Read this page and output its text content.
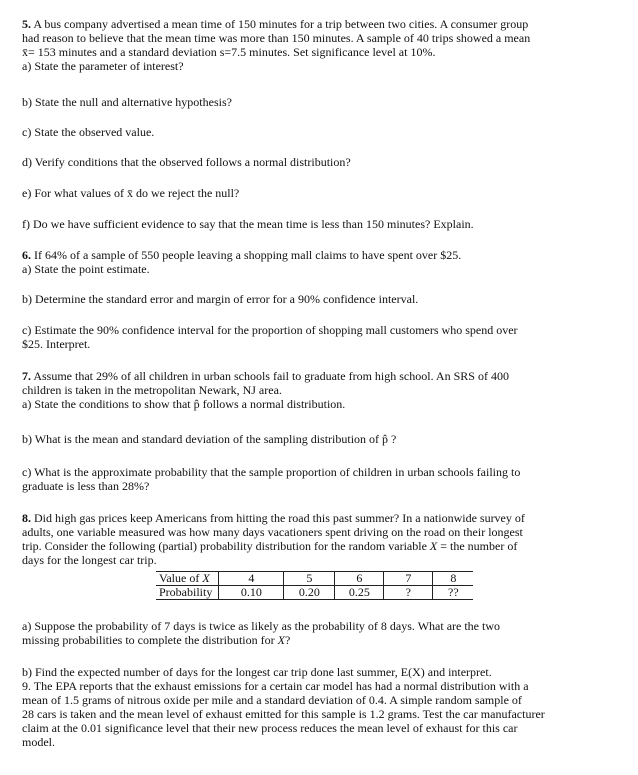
5. A bus company advertised a mean time of 150 minutes for a trip between two cities. A consumer group
had reason to believe that the mean time was more than 150 minutes. A sample of 40 trips showed a mean
x̄= 153 minutes and a standard deviation s=7.5 minutes. Set significance level at 10%.
a) State the parameter of interest?
b) State the null and alternative hypothesis?
c) State the observed value.
d) Verify conditions that the observed follows a normal distribution?
e) For what values of x̄ do we reject the null?
f) Do we have sufficient evidence to say that the mean time is less than 150 minutes? Explain.
6. If 64% of a sample of 550 people leaving a shopping mall claims to have spent over $25.
a) State the point estimate.
b) Determine the standard error and margin of error for a 90% confidence interval.
c) Estimate the 90% confidence interval for the proportion of shopping mall customers who spend over
$25. Interpret.
7. Assume that 29% of all children in urban schools fail to graduate from high school. An SRS of 400
children is taken in the metropolitan Newark, NJ area.
a) State the conditions to show that p̂ follows a normal distribution.
b) What is the mean and standard deviation of the sampling distribution of p̂ ?
c) What is the approximate probability that the sample proportion of children in urban schools failing to
graduate is less than 28%?
8. Did high gas prices keep Americans from hitting the road this past summer? In a nationwide survey of
adults, one variable measured was how many days vacationers spent driving on the road on their longest
trip. Consider the following (partial) probability distribution for the random variable X = the number of
days for the longest car trip.
Value of X	4	5	6	7	8
Probability	0.10	0.20	0.25	?	??
a) Suppose the probability of 7 days is twice as likely as the probability of 8 days. What are the two
missing probabilities to complete the distribution for X?
b) Find the expected number of days for the longest car trip done last summer, E(X) and interpret.
9. The EPA reports that the exhaust emissions for a certain car model has had a normal distribution with a
mean of 1.5 grams of nitrous oxide per mile and a standard deviation of 0.4. A simple random sample of
28 cars is taken and the mean level of exhaust emitted for this sample is 1.2 grams. Test the car manufacturer
claim at the 0.01 significance level that their new process reduces the mean level of exhaust for this car
model.
